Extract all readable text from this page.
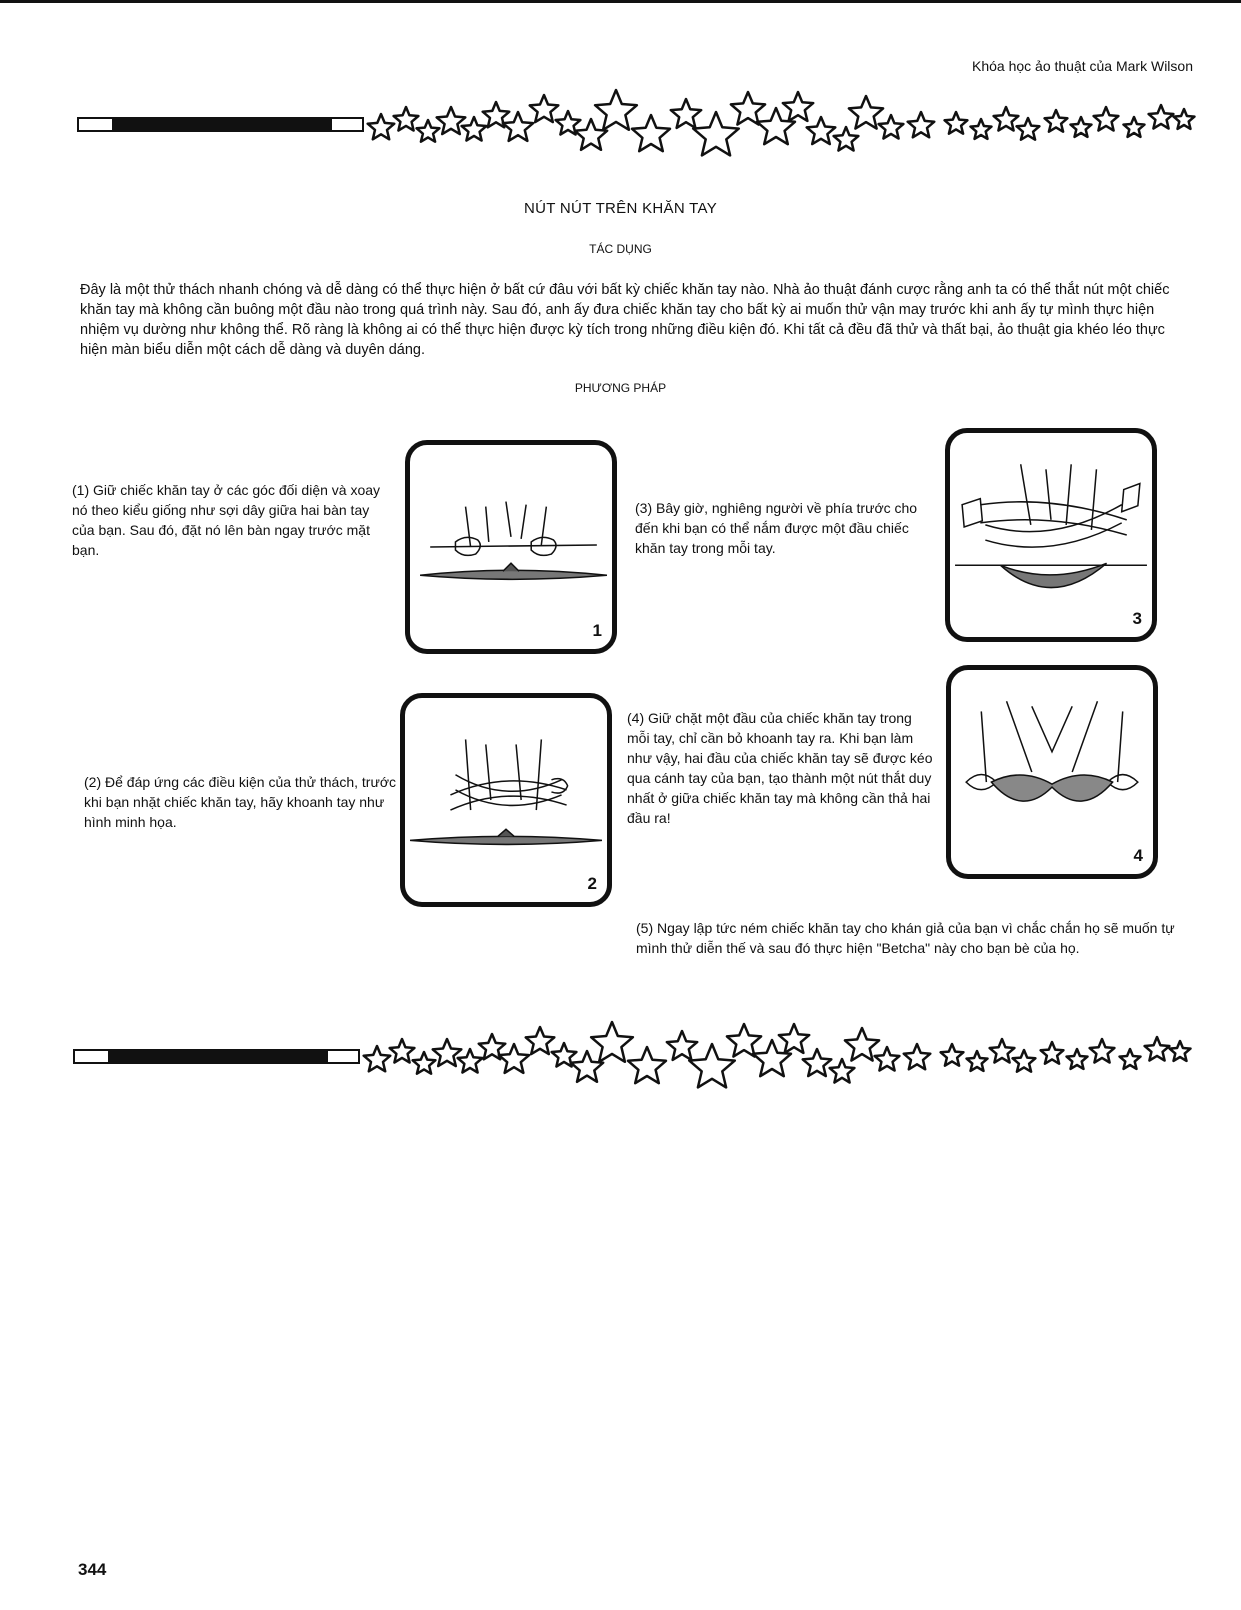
Khóa học ảo thuật của Mark Wilson
NÚT NÚT TRÊN KHĂN TAY
TÁC DỤNG
Đây là một thử thách nhanh chóng và dễ dàng có thể thực hiện ở bất cứ đâu với bất kỳ chiếc khăn tay nào. Nhà ảo thuật đánh cược rằng anh ta có thể thắt nút một chiếc khăn tay mà không cần buông một đầu nào trong quá trình này. Sau đó, anh ấy đưa chiếc khăn tay cho bất kỳ ai muốn thử vận may trước khi anh ấy tự mình thực hiện nhiệm vụ dường như không thể. Rõ ràng là không ai có thể thực hiện được kỳ tích trong những điều kiện đó. Khi tất cả đều đã thử và thất bại, ảo thuật gia khéo léo thực hiện màn biểu diễn một cách dễ dàng và duyên dáng.
PHƯƠNG PHÁP
(1) Giữ chiếc khăn tay ở các góc đối diện và xoay nó theo kiểu giống như sợi dây giữa hai bàn tay của bạn. Sau đó, đặt nó lên bàn ngay trước mặt bạn.
(2) Để đáp ứng các điều kiện của thử thách, trước khi bạn nhặt chiếc khăn tay, hãy khoanh tay như hình minh họa.
(3) Bây giờ, nghiêng người về phía trước cho đến khi bạn có thể nắm được một đầu chiếc khăn tay trong mỗi tay.
(4) Giữ chặt một đầu của chiếc khăn tay trong mỗi tay, chỉ cần bỏ khoanh tay ra. Khi bạn làm như vậy, hai đầu của chiếc khăn tay sẽ được kéo qua cánh tay của bạn, tạo thành một nút thắt duy nhất ở giữa chiếc khăn tay mà không cần thả hai đầu ra!
(5) Ngay lập tức ném chiếc khăn tay cho khán giả của bạn vì chắc chắn họ sẽ muốn tự mình thử diễn thế và sau đó thực hiện "Betcha" này cho bạn bè của họ.
1
2
3
4
344
